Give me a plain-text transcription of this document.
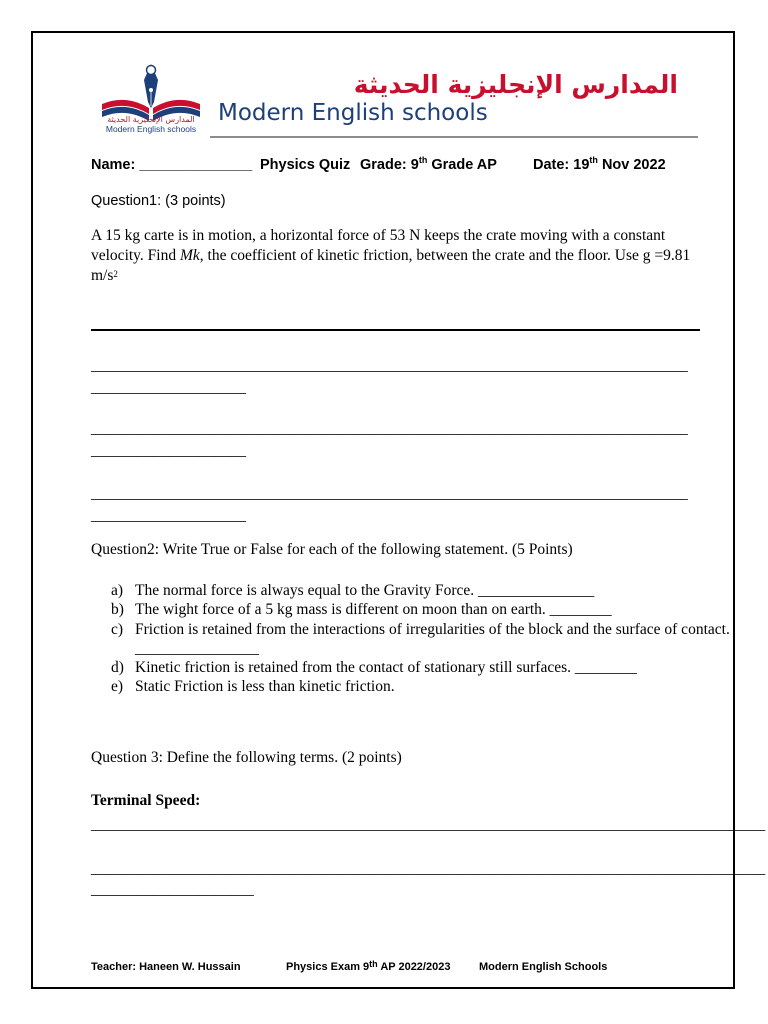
المدارس الإنجليزية الحديثة
Modern English schools
المدارس الإنجليزية الحديثة
Modern English schools
Name: ______________ Physics Quiz Grade: 9th Grade AP Date: 19th Nov 2022
Question1: (3 points)
A 15 kg carte is in motion, a horizontal force of 53 N keeps the crate moving with a constant velocity. Find Mk, the coefficient of kinetic friction, between the crate and the floor. Use g =9.81 $m/s^2$
_____________________________________________________________________________
____________________
_____________________________________________________________________________
____________________
_____________________________________________________________________________
____________________
Question2: Write True or False for each of the following statement. (5 Points)
a) The normal force is always equal to the Gravity Force. _______________
b) The wight force of a 5 kg mass is different on moon than on earth. ________
c) Friction is retained from the interactions of irregularities of the block and the surface of contact. ________________
d) Kinetic friction is retained from the contact of stationary still surfaces. ________
e) Static Friction is less than kinetic friction.
Question 3: Define the following terms. (2 points)
Terminal Speed:
_______________________________________________________________________________________
_______________________________________________________________________________________
_____________________
Teacher: Haneen W. Hussain	Physics Exam 9th AP 2022/2023	Modern English Schools
